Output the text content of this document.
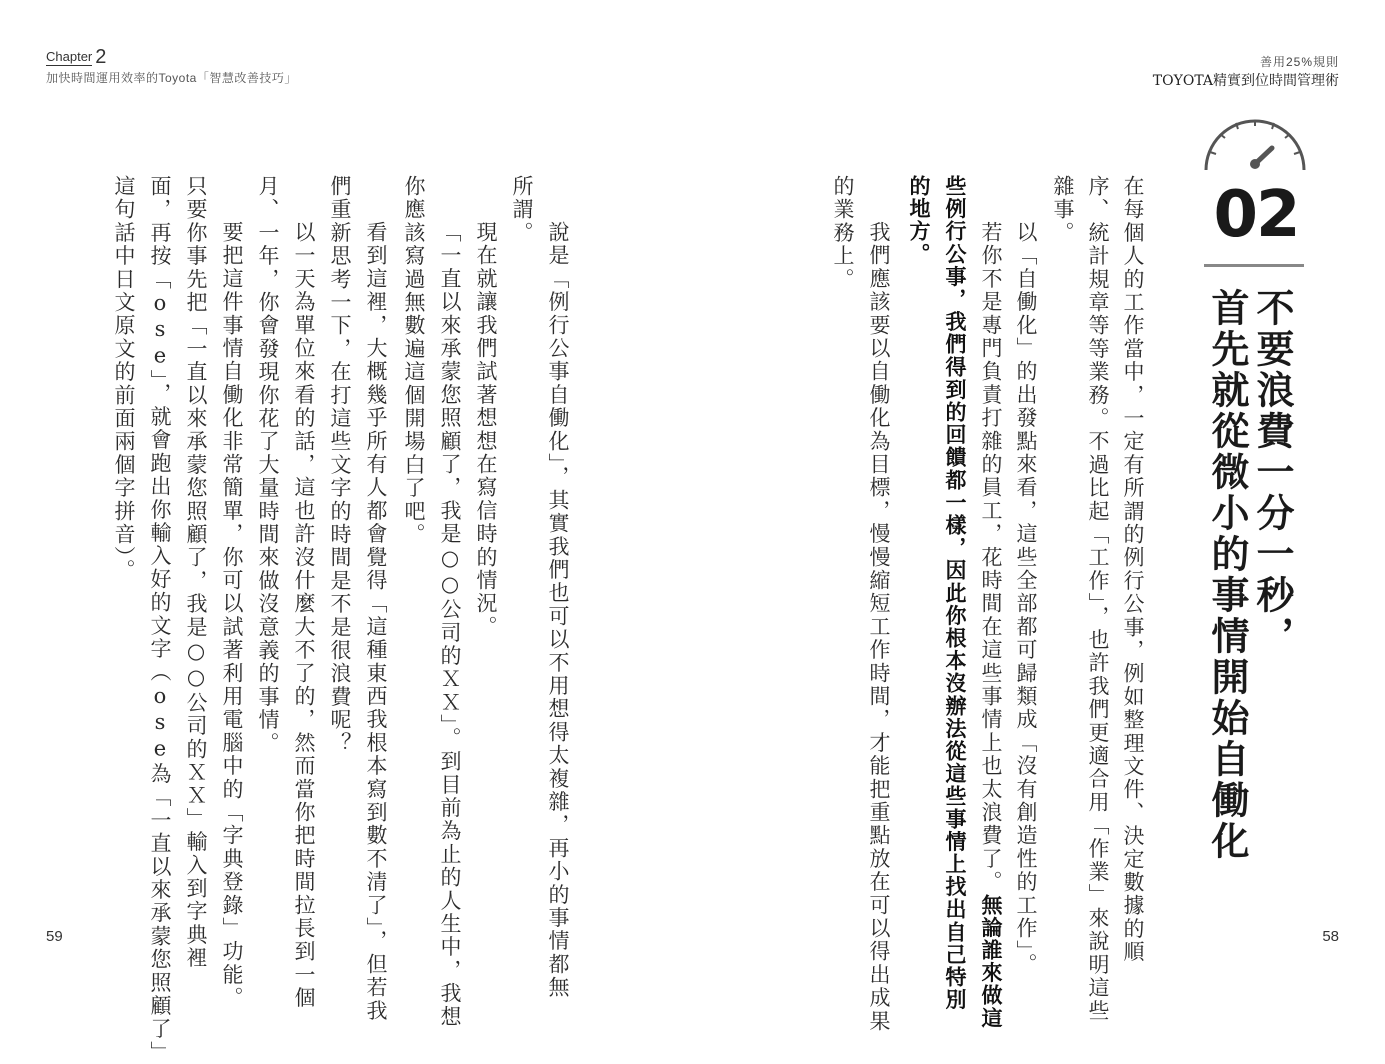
Chapter 2
加快時間運用效率的Toyota「智慧改善技巧」
善用25%規則
TOYOTA精實到位時間管理術
02
不要浪費一分一秒，
首先就從微小的事情開始自働化
在每個人的工作當中，一定有所謂的例行公事，例如整理文件、決定數據的順
序、統計規章等等業務。不過比起「工作」，也許我們更適合用「作業」來說明這些
雜事。
以「自働化」的出發點來看，這些全部都可歸類成「沒有創造性的工作」。
若你不是專門負責打雜的員工，花時間在這些事情上也太浪費了。無論誰來做這
些例行公事，我們得到的回饋都一樣，因此你根本沒辦法從這些事情上找出自己特別
的地方。
我們應該要以自働化為目標，慢慢縮短工作時間，才能把重點放在可以得出成果
的業務上。
說是「例行公事自働化」，其實我們也可以不用想得太複雜，再小的事情都無
所謂。
現在就讓我們試著想想在寫信時的情況。
「一直以來承蒙您照顧了，我是○○公司的ＸＸ」。到目前為止的人生中，我想
你應該寫過無數遍這個開場白了吧。
看到這裡，大概幾乎所有人都會覺得「這種東西我根本寫到數不清了」，但若我
們重新思考一下，在打這些文字的時間是不是很浪費呢？
以一天為單位來看的話，這也許沒什麼大不了的，然而當你把時間拉長到一個
月、一年，你會發現你花了大量時間來做沒意義的事情。
要把這件事情自働化非常簡單，你可以試著利用電腦中的「字典登錄」功能。
只要你事先把「一直以來承蒙您照顧了，我是○○公司的ＸＸ」輸入到字典裡
面，再按「ose」，就會跑出你輸入好的文字（ose為「一直以來承蒙您照顧了」
這句話中日文原文的前面兩個字拼音）。
59	58
